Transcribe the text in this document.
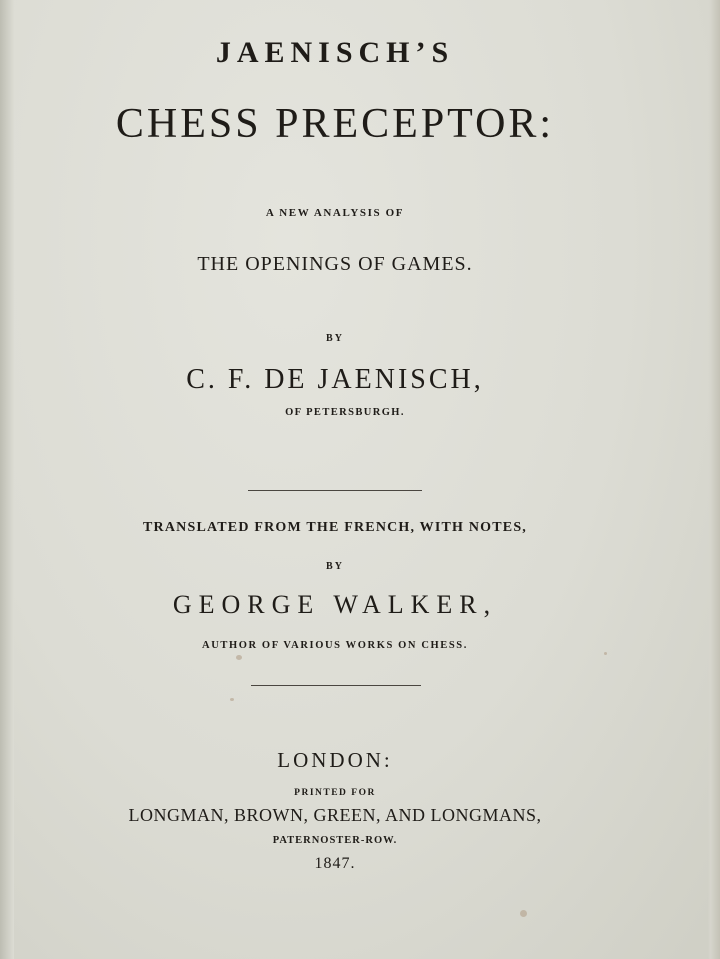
JAENISCH’S
CHESS PRECEPTOR:
A NEW ANALYSIS OF
THE OPENINGS OF GAMES.
BY
C. F. DE JAENISCH,
OF PETERSBURGH.
TRANSLATED FROM THE FRENCH, WITH NOTES,
BY
GEORGE WALKER,
AUTHOR OF VARIOUS WORKS ON CHESS.
LONDON:
PRINTED FOR
LONGMAN, BROWN, GREEN, AND LONGMANS,
PATERNOSTER-ROW.
1847.
